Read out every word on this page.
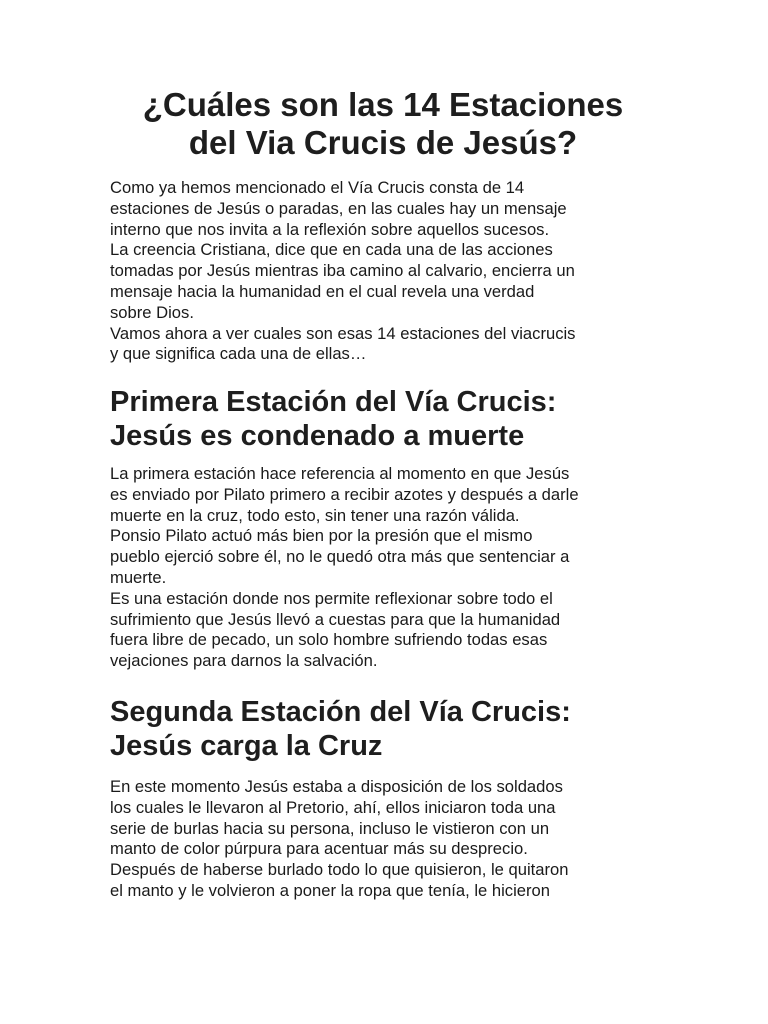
¿Cuáles son las 14 Estaciones
del Via Crucis de Jesús?

Como ya hemos mencionado el Vía Crucis consta de 14
estaciones de Jesús o paradas, en las cuales hay un mensaje
interno que nos invita a la reflexión sobre aquellos sucesos.
La creencia Cristiana, dice que en cada una de las acciones
tomadas por Jesús mientras iba camino al calvario, encierra un
mensaje hacia la humanidad en el cual revela una verdad
sobre Dios.
Vamos ahora a ver cuales son esas 14 estaciones del viacrucis
y que significa cada una de ellas…

Primera Estación del Vía Crucis:
Jesús es condenado a muerte

La primera estación hace referencia al momento en que Jesús
es enviado por Pilato primero a recibir azotes y después a darle
muerte en la cruz, todo esto, sin tener una razón válida.
Ponsio Pilato actuó más bien por la presión que el mismo
pueblo ejerció sobre él, no le quedó otra más que sentenciar a
muerte.
Es una estación donde nos permite reflexionar sobre todo el
sufrimiento que Jesús llevó a cuestas para que la humanidad
fuera libre de pecado, un solo hombre sufriendo todas esas
vejaciones para darnos la salvación.

Segunda Estación del Vía Crucis:
Jesús carga la Cruz

En este momento Jesús estaba a disposición de los soldados
los cuales le llevaron al Pretorio, ahí, ellos iniciaron toda una
serie de burlas hacia su persona, incluso le vistieron con un
manto de color púrpura para acentuar más su desprecio.
Después de haberse burlado todo lo que quisieron, le quitaron
el manto y le volvieron a poner la ropa que tenía, le hicieron
